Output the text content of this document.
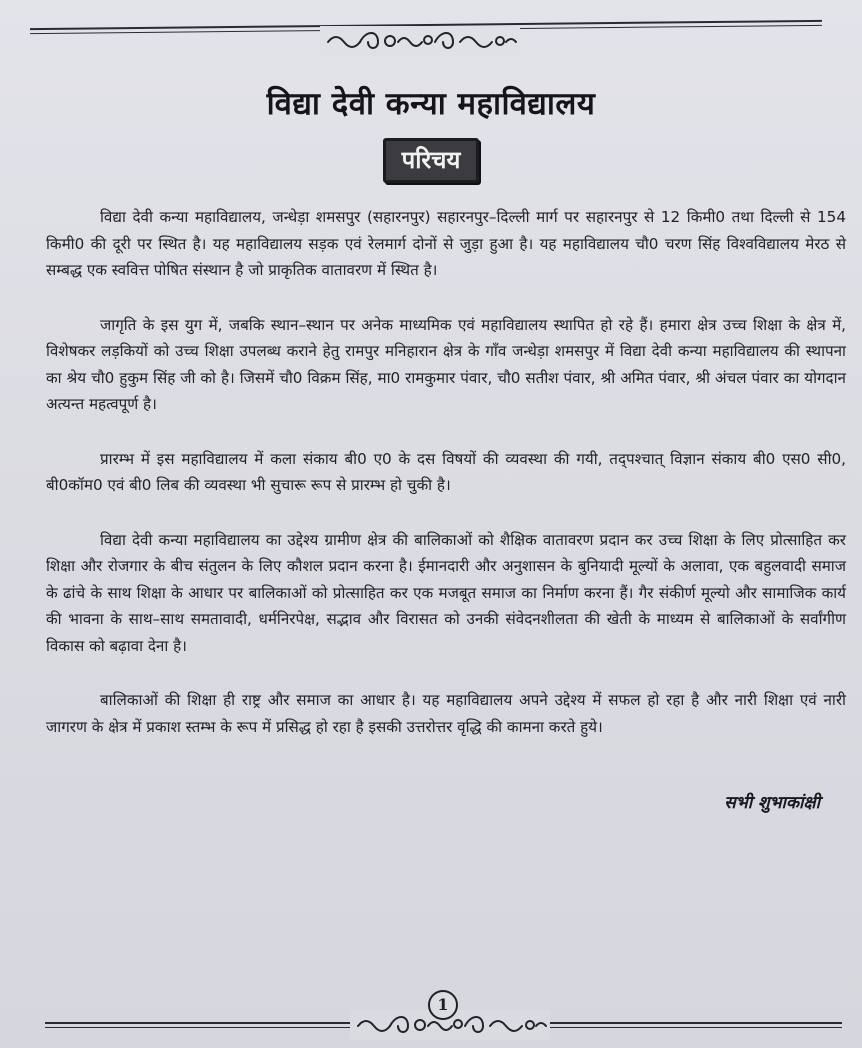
विद्या देवी कन्या महाविद्यालय
परिचय

विद्या देवी कन्या महाविद्यालय, जन्धेड़ा शमसपुर (सहारनपुर) सहारनपुर–दिल्ली मार्ग पर सहारनपुर से 12 किमी0 तथा दिल्ली से 154 किमी0 की दूरी पर स्थित है। यह महाविद्यालय सड़क एवं रेलमार्ग दोनों से जुड़ा हुआ है। यह महाविद्यालय चौ0 चरण सिंह विश्वविद्यालय मेरठ से सम्बद्ध एक स्ववित्त पोषित संस्थान है जो प्राकृतिक वातावरण में स्थित है।

जागृति के इस युग में, जबकि स्थान–स्थान पर अनेक माध्यमिक एवं महाविद्यालय स्थापित हो रहे हैं। हमारा क्षेत्र उच्च शिक्षा के क्षेत्र में, विशेषकर लड़कियों को उच्च शिक्षा उपलब्ध कराने हेतु रामपुर मनिहारान क्षेत्र के गाँव जन्धेड़ा शमसपुर में विद्या देवी कन्या महाविद्यालय की स्थापना का श्रेय चौ0 हुकुम सिंह जी को है। जिसमें चौ0 विक्रम सिंह, मा0 रामकुमार पंवार, चौ0 सतीश पंवार, श्री अमित पंवार, श्री अंचल पंवार का योगदान अत्यन्त महत्वपूर्ण है।

प्रारम्भ में इस महाविद्यालय में कला संकाय बी0 ए0 के दस विषयों की व्यवस्था की गयी, तद्पश्चात् विज्ञान संकाय बी0 एस0 सी0, बी0कॉम0 एवं बी0 लिब की व्यवस्था भी सुचारू रूप से प्रारम्भ हो चुकी है।

विद्या देवी कन्या महाविद्यालय का उद्देश्य ग्रामीण क्षेत्र की बालिकाओं को शैक्षिक वातावरण प्रदान कर उच्च शिक्षा के लिए प्रोत्साहित कर शिक्षा और रोजगार के बीच संतुलन के लिए कौशल प्रदान करना है। ईमानदारी और अनुशासन के बुनियादी मूल्यों के अलावा, एक बहुलवादी समाज के ढांचे के साथ शिक्षा के आधार पर बालिकाओं को प्रोत्साहित कर एक मजबूत समाज का निर्माण करना हैं। गैर संकीर्ण मूल्यो और सामाजिक कार्य की भावना के साथ–साथ समतावादी, धर्मनिरपेक्ष, सद्भाव और विरासत को उनकी संवेदनशीलता की खेती के माध्यम से बालिकाओं के सर्वांगीण विकास को बढ़ावा देना है।

बालिकाओं की शिक्षा ही राष्ट्र और समाज का आधार है। यह महाविद्यालय अपने उद्देश्य में सफल हो रहा है और नारी शिक्षा एवं नारी जागरण के क्षेत्र में प्रकाश स्तम्भ के रूप में प्रसिद्ध हो रहा है इसकी उत्तरोत्तर वृद्धि की कामना करते हुये।

सभी शुभाकांक्षी
1
